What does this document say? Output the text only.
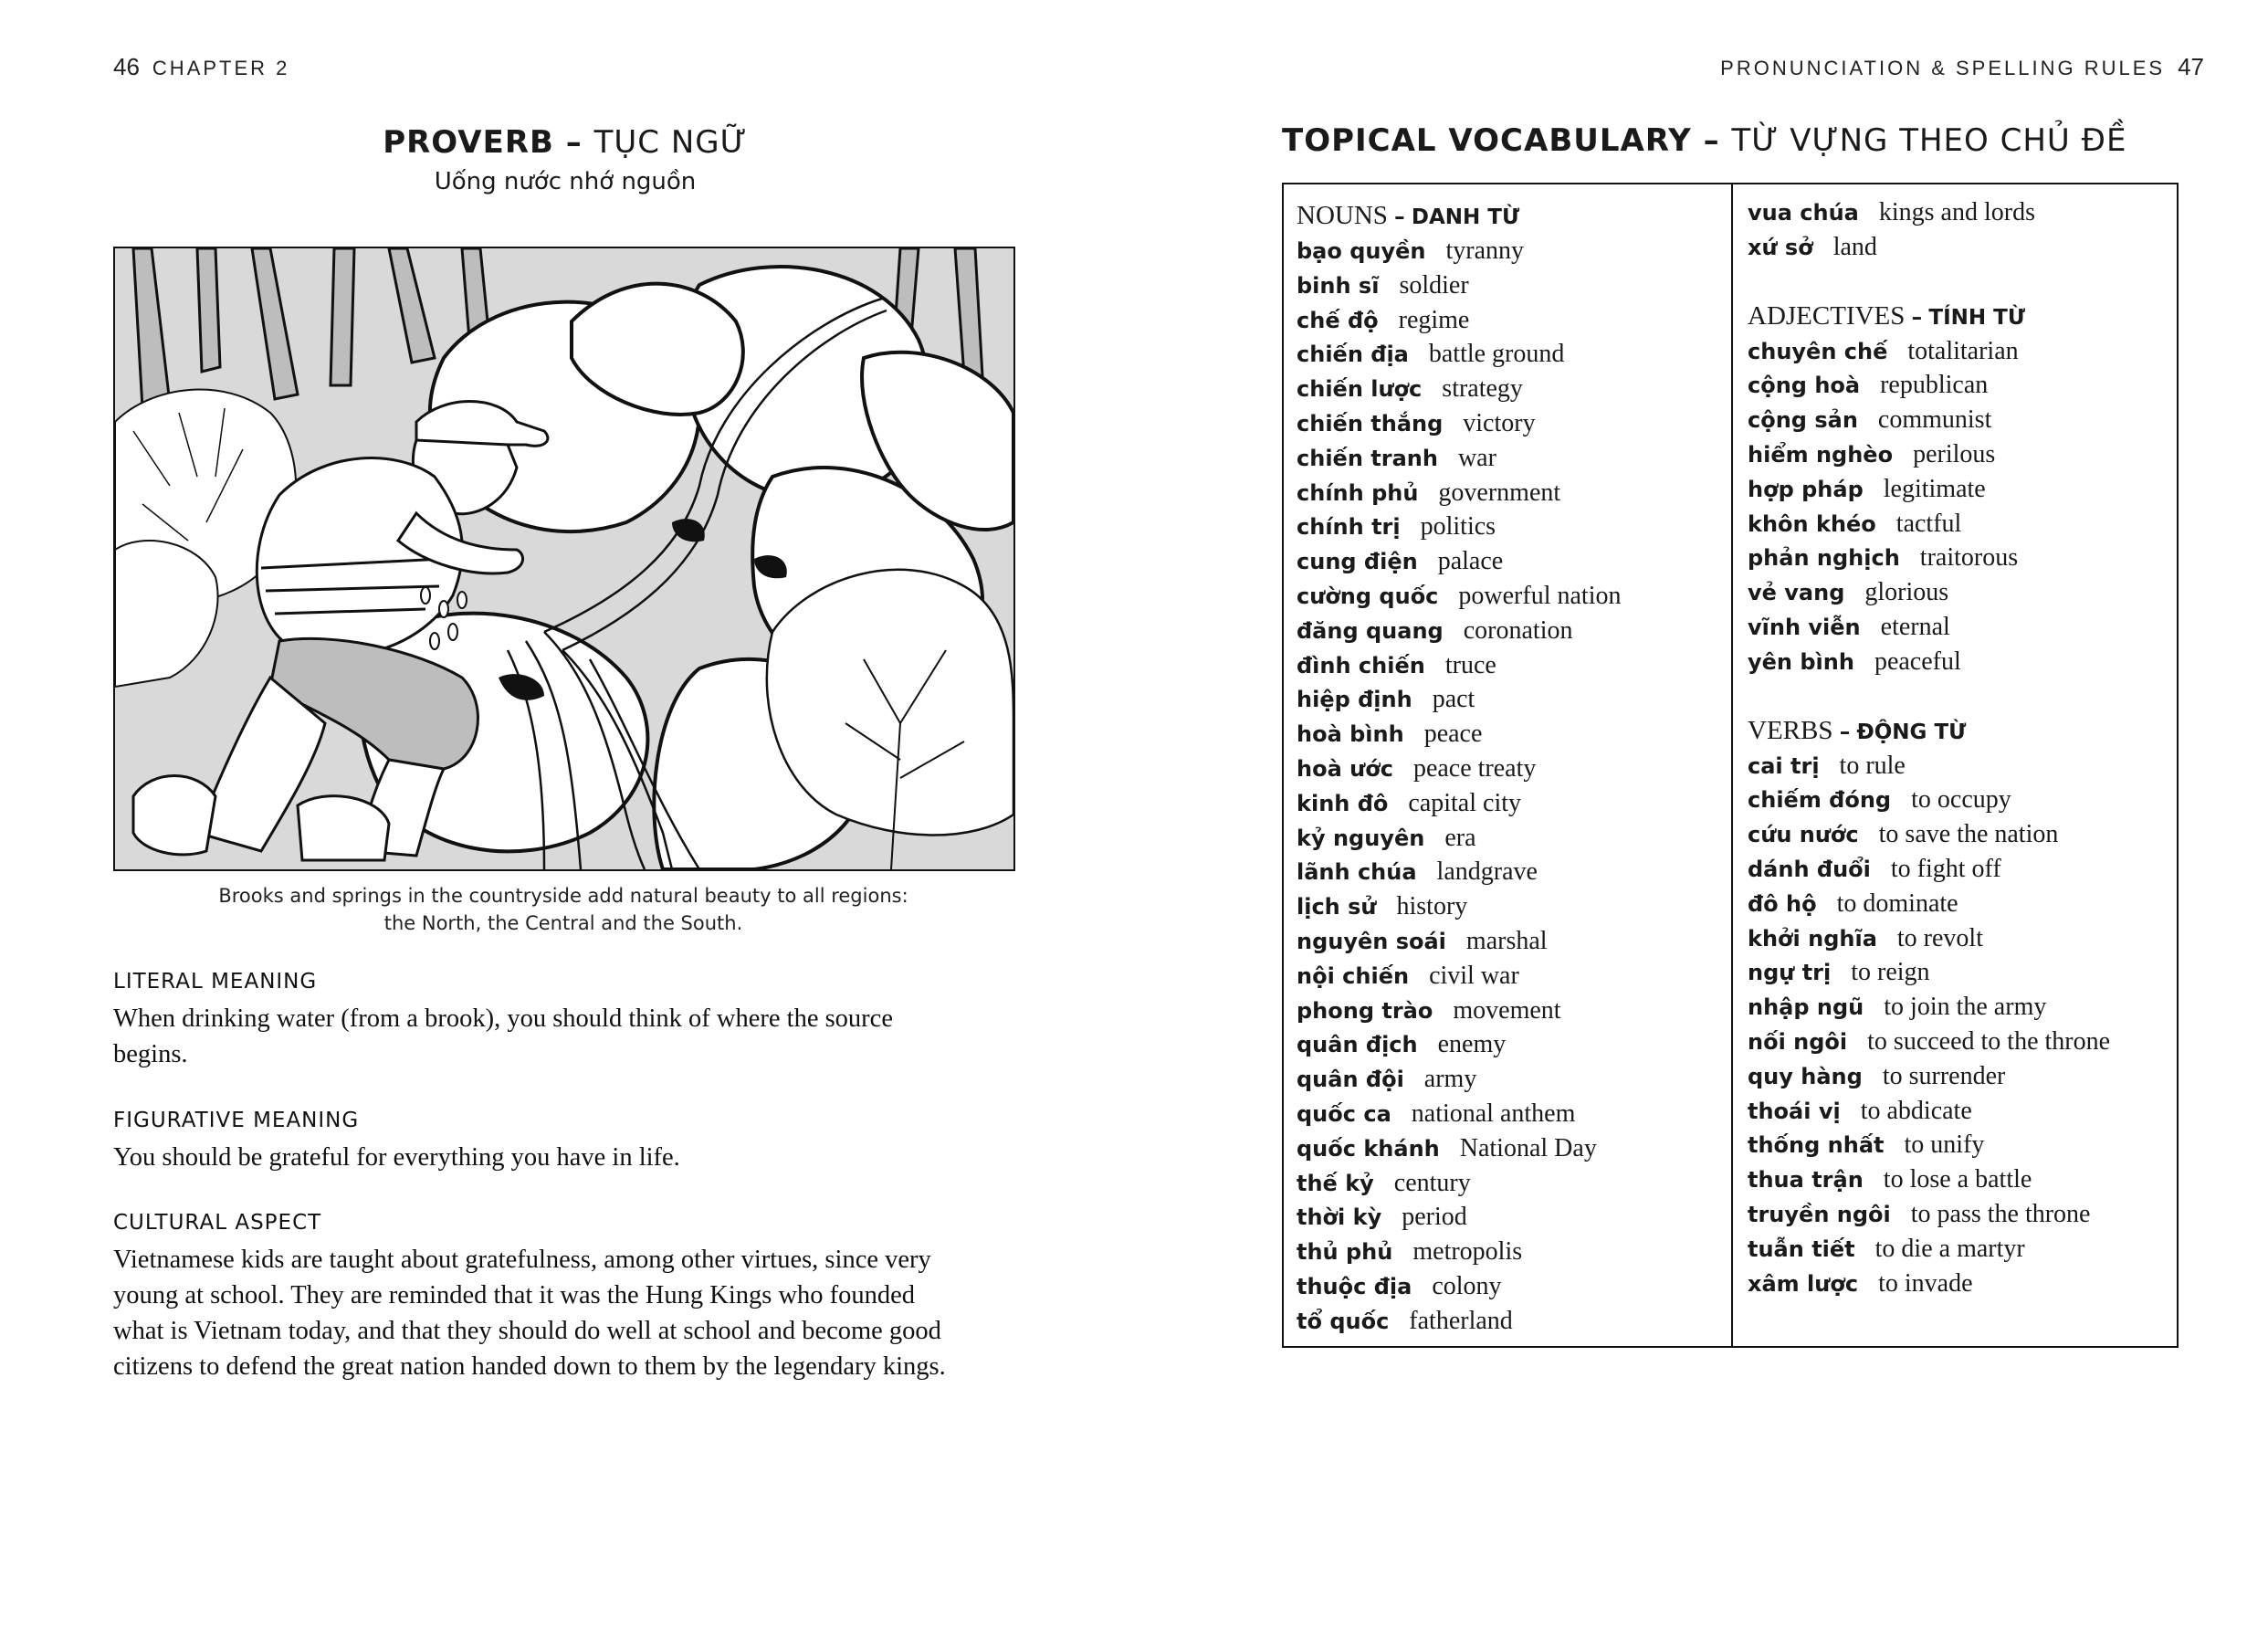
46 CHAPTER 2
PROVERB – TỤC NGỮ
Uống nước nhớ nguồn
Brooks and springs in the countryside add natural beauty to all regions:
the North, the Central and the South.
LITERAL MEANING
When drinking water (from a brook), you should think of where the source
begins.
FIGURATIVE MEANING
You should be grateful for everything you have in life.
CULTURAL ASPECT
Vietnamese kids are taught about gratefulness, among other virtues, since very
young at school. They are reminded that it was the Hung Kings who founded
what is Vietnam today, and that they should do well at school and become good
citizens to defend the great nation handed down to them by the legendary kings.
PRONUNCIATION & SPELLING RULES 47
TOPICAL VOCABULARY – TỪ VỰNG THEO CHỦ ĐỀ
NOUNS – DANH TỪ
bạo quyền tyranny
binh sĩ soldier
chế độ regime
chiến địa battle ground
chiến lược strategy
chiến thắng victory
chiến tranh war
chính phủ government
chính trị politics
cung điện palace
cường quốc powerful nation
đăng quang coronation
đình chiến truce
hiệp định pact
hoà bình peace
hoà ước peace treaty
kinh đô capital city
kỷ nguyên era
lãnh chúa landgrave
lịch sử history
nguyên soái marshal
nội chiến civil war
phong trào movement
quân địch enemy
quân đội army
quốc ca national anthem
quốc khánh National Day
thế kỷ century
thời kỳ period
thủ phủ metropolis
thuộc địa colony
tổ quốc fatherland
vua chúa kings and lords
xứ sở land
ADJECTIVES – TÍNH TỪ
chuyên chế totalitarian
cộng hoà republican
cộng sản communist
hiểm nghèo perilous
hợp pháp legitimate
khôn khéo tactful
phản nghịch traitorous
vẻ vang glorious
vĩnh viễn eternal
yên bình peaceful
VERBS – ĐỘNG TỪ
cai trị to rule
chiếm đóng to occupy
cứu nước to save the nation
dánh đuổi to fight off
đô hộ to dominate
khởi nghĩa to revolt
ngự trị to reign
nhập ngũ to join the army
nối ngôi to succeed to the throne
quy hàng to surrender
thoái vị to abdicate
thống nhất to unify
thua trận to lose a battle
truyền ngôi to pass the throne
tuẫn tiết to die a martyr
xâm lược to invade
